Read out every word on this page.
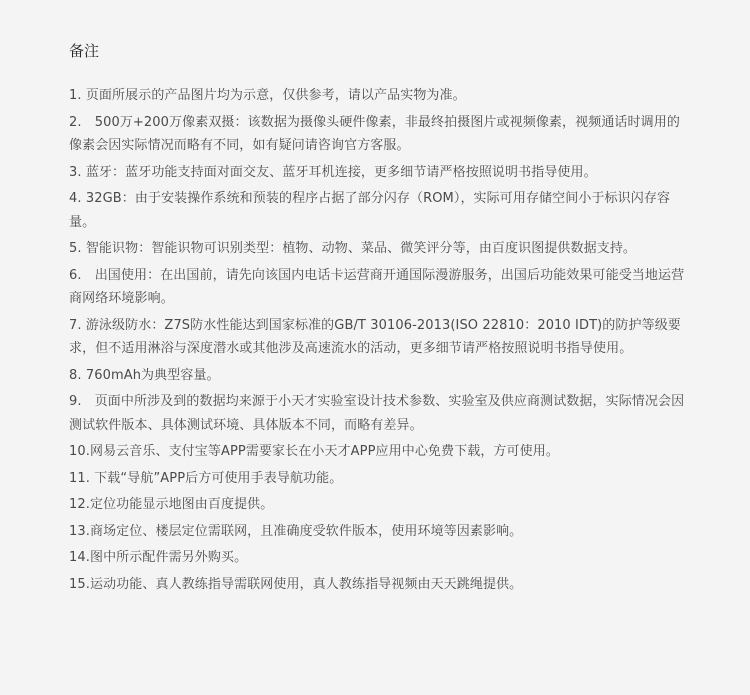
备注
1. 页面所展示的产品图片均为示意，仅供参考，请以产品实物为准。
2.　500万+200万像素双摄：该数据为摄像头硬件像素，非最终拍摄图片或视频像素，视频通话时调用的像素会因实际情况而略有不同，如有疑问请咨询官方客服。
3. 蓝牙：蓝牙功能支持面对面交友、蓝牙耳机连接，更多细节请严格按照说明书指导使用。
4. 32GB：由于安装操作系统和预装的程序占据了部分闪存（ROM），实际可用存储空间小于标识闪存容量。
5. 智能识物：智能识物可识别类型：植物、动物、菜品、微笑评分等，由百度识图提供数据支持。
6.　出国使用：在出国前，请先向该国内电话卡运营商开通国际漫游服务，出国后功能效果可能受当地运营商网络环境影响。
7. 游泳级防水：Z7S防水性能达到国家标准的GB/T 30106-2013(ISO 22810：2010 IDT)的防护等级要求，但不适用淋浴与深度潜水或其他涉及高速流水的活动，更多细节请严格按照说明书指导使用。
8. 760mAh为典型容量。
9.　页面中所涉及到的数据均来源于小天才实验室设计技术参数、实验室及供应商测试数据，实际情况会因测试软件版本、具体测试环境、具体版本不同，而略有差异。
10.网易云音乐、支付宝等APP需要家长在小天才APP应用中心免费下载，方可使用。
11. 下载“导航”APP后方可使用手表导航功能。
12.定位功能显示地图由百度提供。
13.商场定位、楼层定位需联网，且准确度受软件版本，使用环境等因素影响。
14.图中所示配件需另外购买。
15.运动功能、真人教练指导需联网使用，真人教练指导视频由天天跳绳提供。
